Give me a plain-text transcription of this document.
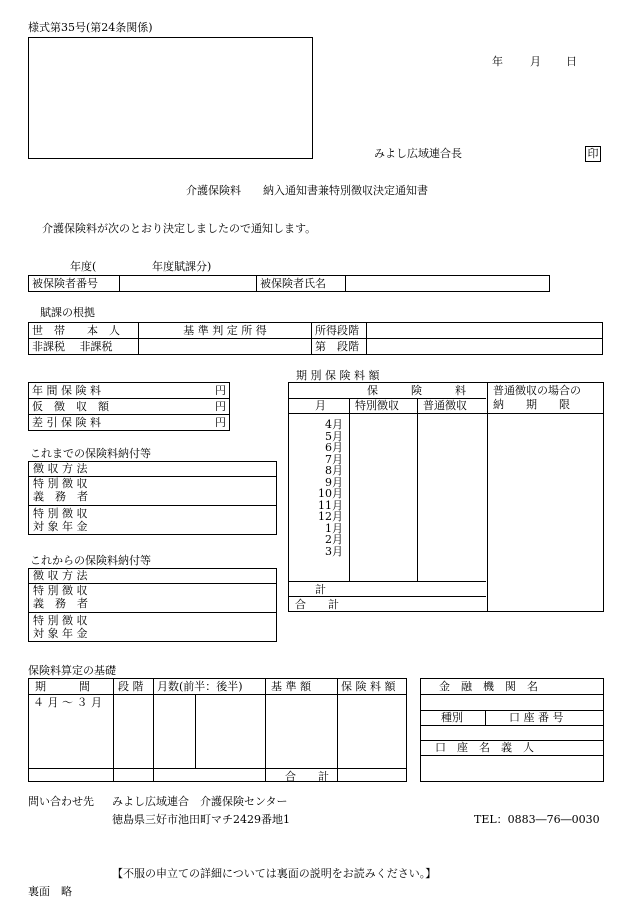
様式第35号(第24条関係)
年 月 日
みよし広域連合長	印
介護保険料　　納入通知書兼特別徴収決定通知書
介護保険料が次のとおり決定しましたので通知します。
年度(	年度賦課分)
被保険者番号		被保険者氏名	
賦課の根拠
世　帯　　本　人	基 準 判 定 所 得	所得段階	
非課税　 非課税		第　段階	
年 間 保 険 料	円

仮　徴　収　額	円

差 引 保 険 料	円
これまでの保険料納付等
徴 収 方 法
特 別 徴 収
義　務　者
特 別 徴 収
対 象 年 金
これからの保険料納付等
徴 収 方 法
特 別 徴 収
義　務　者
特 別 徴 収
対 象 年 金
期 別 保 険 料 額
保　　　険　　　料
月	特別徴収 普通徴収
普通徴収の場合の
納　　期　　限
4月
5月
6月
7月
8月
9月
10月
11月
12月
1月
2月
3月
計
合　　計
保険料算定の基礎
期　　　間	段 階 月数(前半：後半)	基 準 額	保 険 料 額
４ 月 〜 ３ 月
合　　計
金　融　機　関　名
種別	口 座 番 号
口　座　名　義　人
問い合わせ先 みよし広域連合　介護保険センター
徳島県三好市池田町マチ2429番地1	TEL：0883―76―0030
【不服の申立ての詳細については裏面の説明をお読みください。】
裏面　略
